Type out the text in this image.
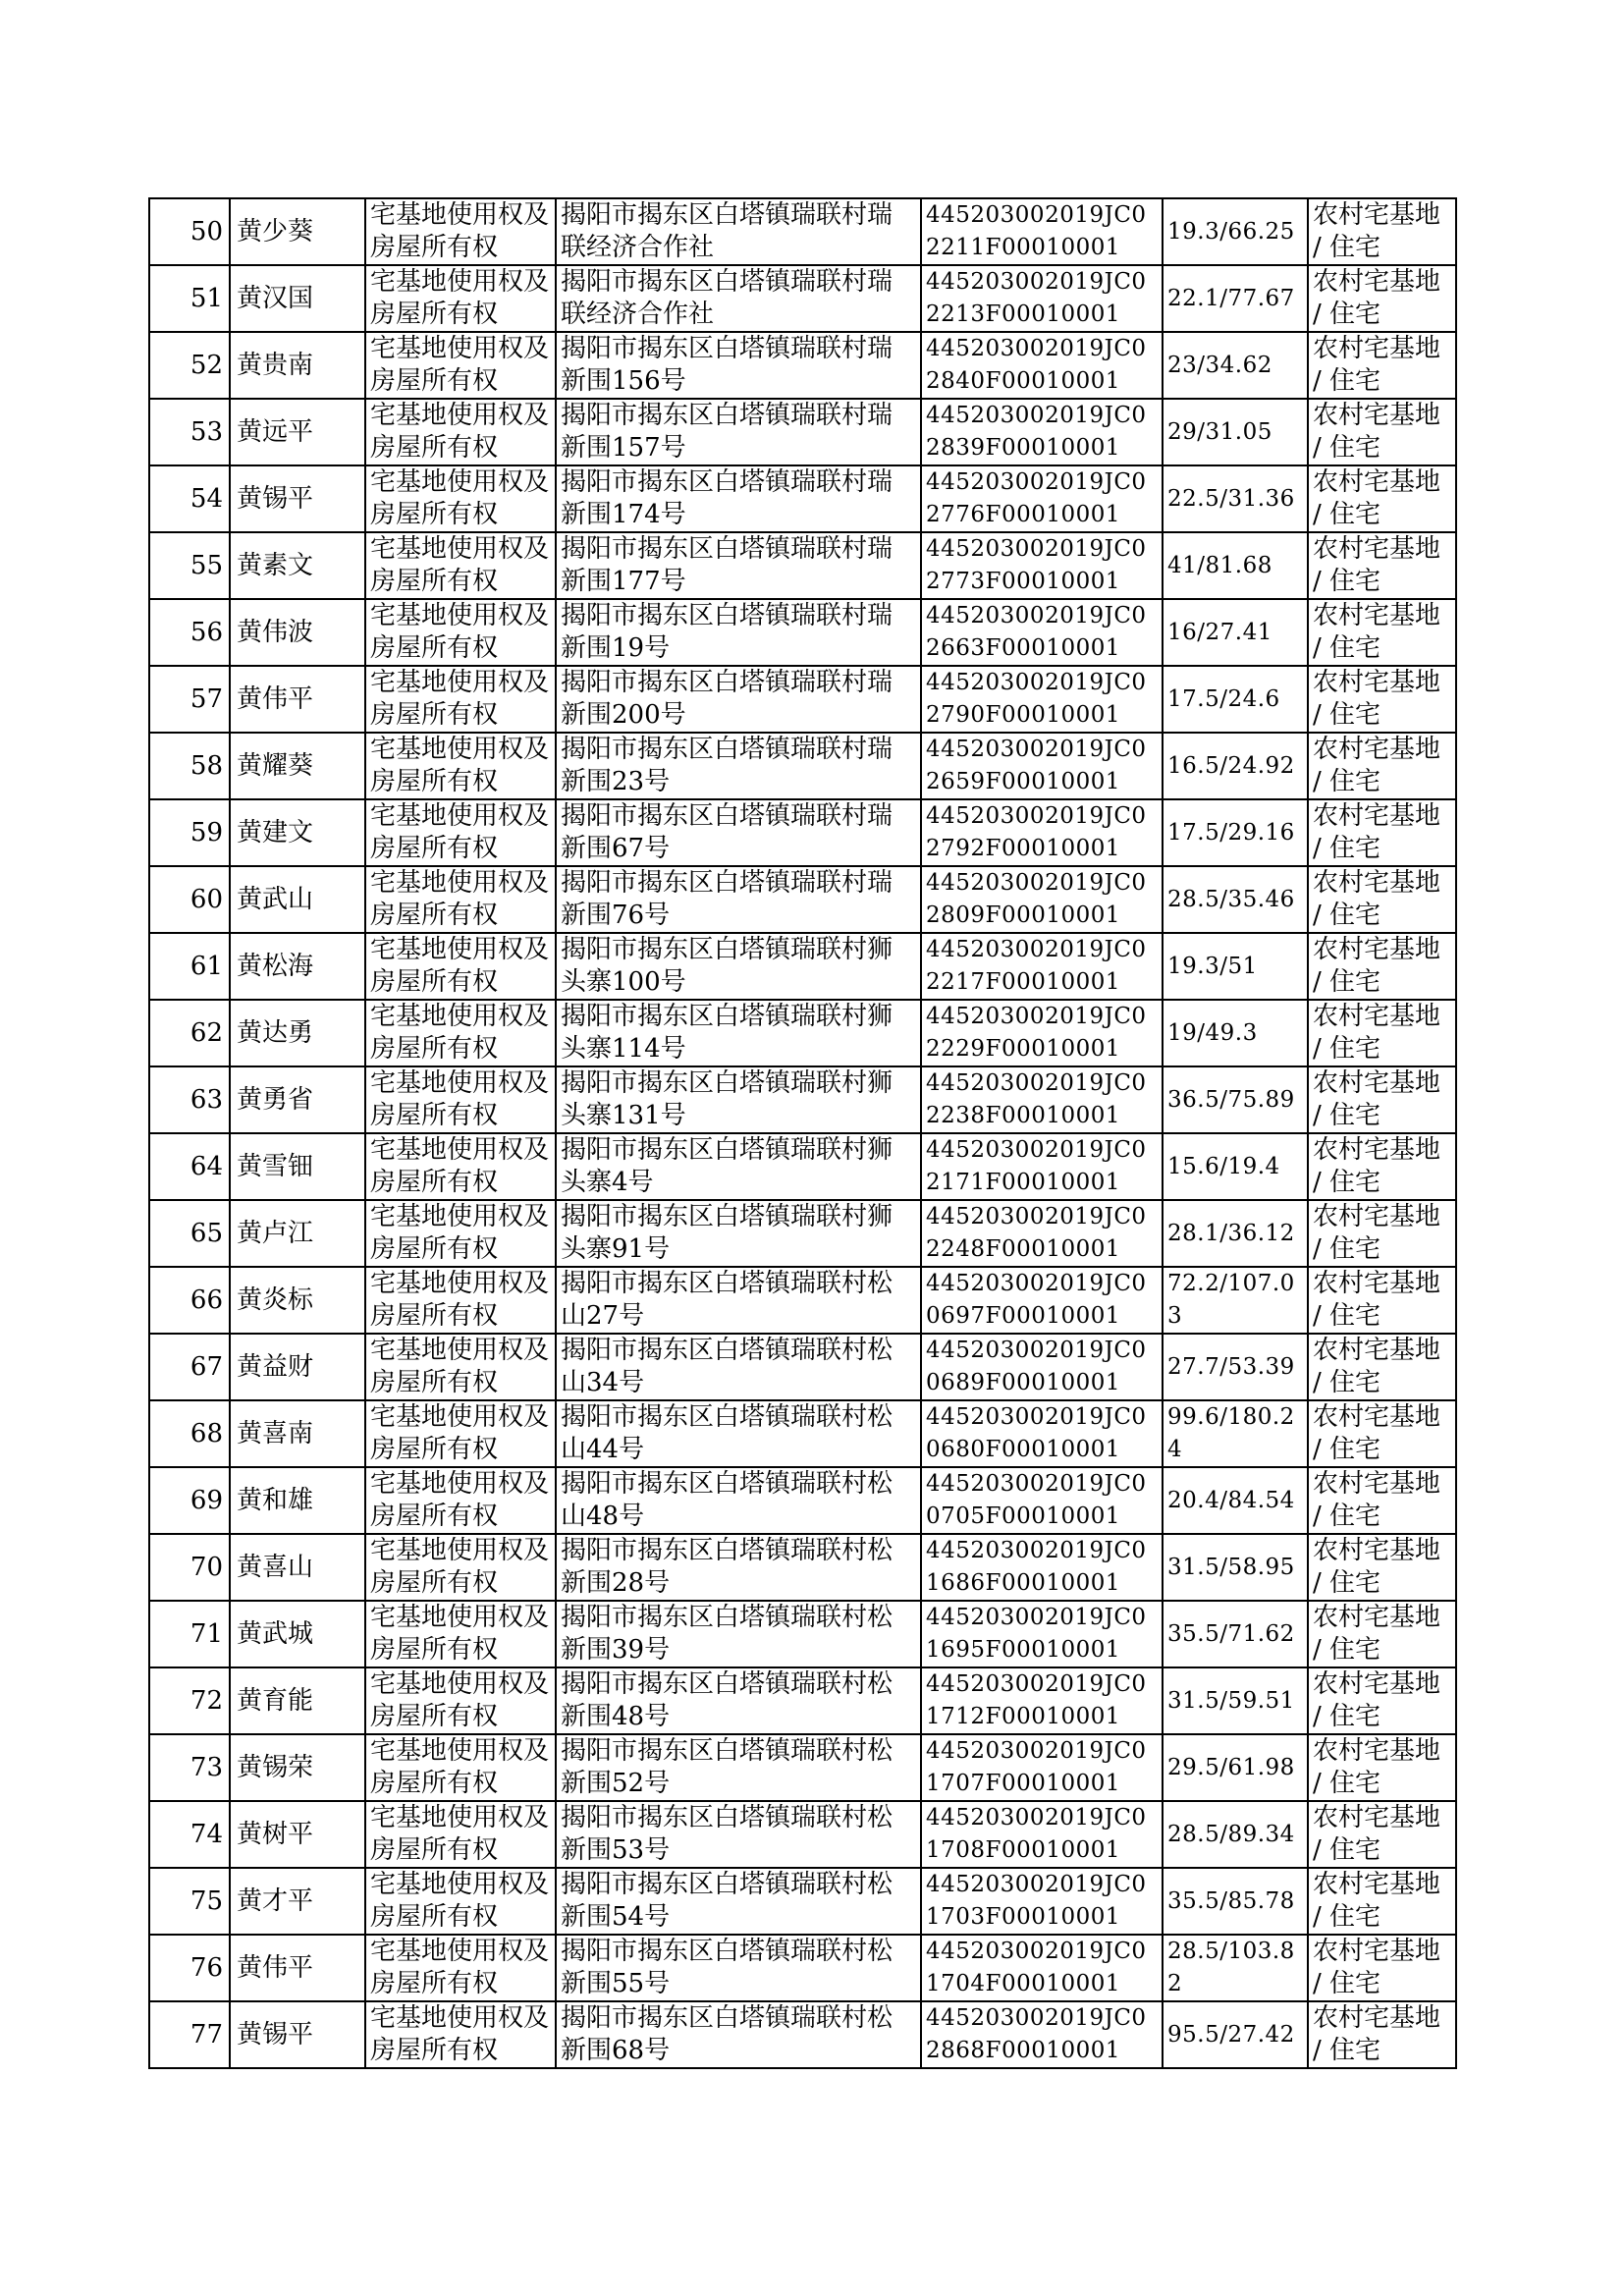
50	黄少葵	宅基地使用权及房屋所有权	揭阳市揭东区白塔镇瑞联村瑞联经济合作社	445203002019JC02211F00010001	19.3/66.25	农村宅基地 / 住宅
51	黄汉国	宅基地使用权及房屋所有权	揭阳市揭东区白塔镇瑞联村瑞联经济合作社	445203002019JC02213F00010001	22.1/77.67	农村宅基地 / 住宅
52	黄贵南	宅基地使用权及房屋所有权	揭阳市揭东区白塔镇瑞联村瑞新围156号	445203002019JC02840F00010001	23/34.62	农村宅基地 / 住宅
53	黄远平	宅基地使用权及房屋所有权	揭阳市揭东区白塔镇瑞联村瑞新围157号	445203002019JC02839F00010001	29/31.05	农村宅基地 / 住宅
54	黄锡平	宅基地使用权及房屋所有权	揭阳市揭东区白塔镇瑞联村瑞新围174号	445203002019JC02776F00010001	22.5/31.36	农村宅基地 / 住宅
55	黄素文	宅基地使用权及房屋所有权	揭阳市揭东区白塔镇瑞联村瑞新围177号	445203002019JC02773F00010001	41/81.68	农村宅基地 / 住宅
56	黄伟波	宅基地使用权及房屋所有权	揭阳市揭东区白塔镇瑞联村瑞新围19号	445203002019JC02663F00010001	16/27.41	农村宅基地 / 住宅
57	黄伟平	宅基地使用权及房屋所有权	揭阳市揭东区白塔镇瑞联村瑞新围200号	445203002019JC02790F00010001	17.5/24.6	农村宅基地 / 住宅
58	黄耀葵	宅基地使用权及房屋所有权	揭阳市揭东区白塔镇瑞联村瑞新围23号	445203002019JC02659F00010001	16.5/24.92	农村宅基地 / 住宅
59	黄建文	宅基地使用权及房屋所有权	揭阳市揭东区白塔镇瑞联村瑞新围67号	445203002019JC02792F00010001	17.5/29.16	农村宅基地 / 住宅
60	黄武山	宅基地使用权及房屋所有权	揭阳市揭东区白塔镇瑞联村瑞新围76号	445203002019JC02809F00010001	28.5/35.46	农村宅基地 / 住宅
61	黄松海	宅基地使用权及房屋所有权	揭阳市揭东区白塔镇瑞联村狮头寨100号	445203002019JC02217F00010001	19.3/51	农村宅基地 / 住宅
62	黄达勇	宅基地使用权及房屋所有权	揭阳市揭东区白塔镇瑞联村狮头寨114号	445203002019JC02229F00010001	19/49.3	农村宅基地 / 住宅
63	黄勇省	宅基地使用权及房屋所有权	揭阳市揭东区白塔镇瑞联村狮头寨131号	445203002019JC02238F00010001	36.5/75.89	农村宅基地 / 住宅
64	黄雪钿	宅基地使用权及房屋所有权	揭阳市揭东区白塔镇瑞联村狮头寨4号	445203002019JC02171F00010001	15.6/19.4	农村宅基地 / 住宅
65	黄卢江	宅基地使用权及房屋所有权	揭阳市揭东区白塔镇瑞联村狮头寨91号	445203002019JC02248F00010001	28.1/36.12	农村宅基地 / 住宅
66	黄炎标	宅基地使用权及房屋所有权	揭阳市揭东区白塔镇瑞联村松山27号	445203002019JC00697F00010001	72.2/107.03	农村宅基地 / 住宅
67	黄益财	宅基地使用权及房屋所有权	揭阳市揭东区白塔镇瑞联村松山34号	445203002019JC00689F00010001	27.7/53.39	农村宅基地 / 住宅
68	黄喜南	宅基地使用权及房屋所有权	揭阳市揭东区白塔镇瑞联村松山44号	445203002019JC00680F00010001	99.6/180.24	农村宅基地 / 住宅
69	黄和雄	宅基地使用权及房屋所有权	揭阳市揭东区白塔镇瑞联村松山48号	445203002019JC00705F00010001	20.4/84.54	农村宅基地 / 住宅
70	黄喜山	宅基地使用权及房屋所有权	揭阳市揭东区白塔镇瑞联村松新围28号	445203002019JC01686F00010001	31.5/58.95	农村宅基地 / 住宅
71	黄武城	宅基地使用权及房屋所有权	揭阳市揭东区白塔镇瑞联村松新围39号	445203002019JC01695F00010001	35.5/71.62	农村宅基地 / 住宅
72	黄育能	宅基地使用权及房屋所有权	揭阳市揭东区白塔镇瑞联村松新围48号	445203002019JC01712F00010001	31.5/59.51	农村宅基地 / 住宅
73	黄锡荣	宅基地使用权及房屋所有权	揭阳市揭东区白塔镇瑞联村松新围52号	445203002019JC01707F00010001	29.5/61.98	农村宅基地 / 住宅
74	黄树平	宅基地使用权及房屋所有权	揭阳市揭东区白塔镇瑞联村松新围53号	445203002019JC01708F00010001	28.5/89.34	农村宅基地 / 住宅
75	黄才平	宅基地使用权及房屋所有权	揭阳市揭东区白塔镇瑞联村松新围54号	445203002019JC01703F00010001	35.5/85.78	农村宅基地 / 住宅
76	黄伟平	宅基地使用权及房屋所有权	揭阳市揭东区白塔镇瑞联村松新围55号	445203002019JC01704F00010001	28.5/103.82	农村宅基地 / 住宅
77	黄锡平	宅基地使用权及房屋所有权	揭阳市揭东区白塔镇瑞联村松新围68号	445203002019JC02868F00010001	95.5/27.42	农村宅基地 / 住宅
